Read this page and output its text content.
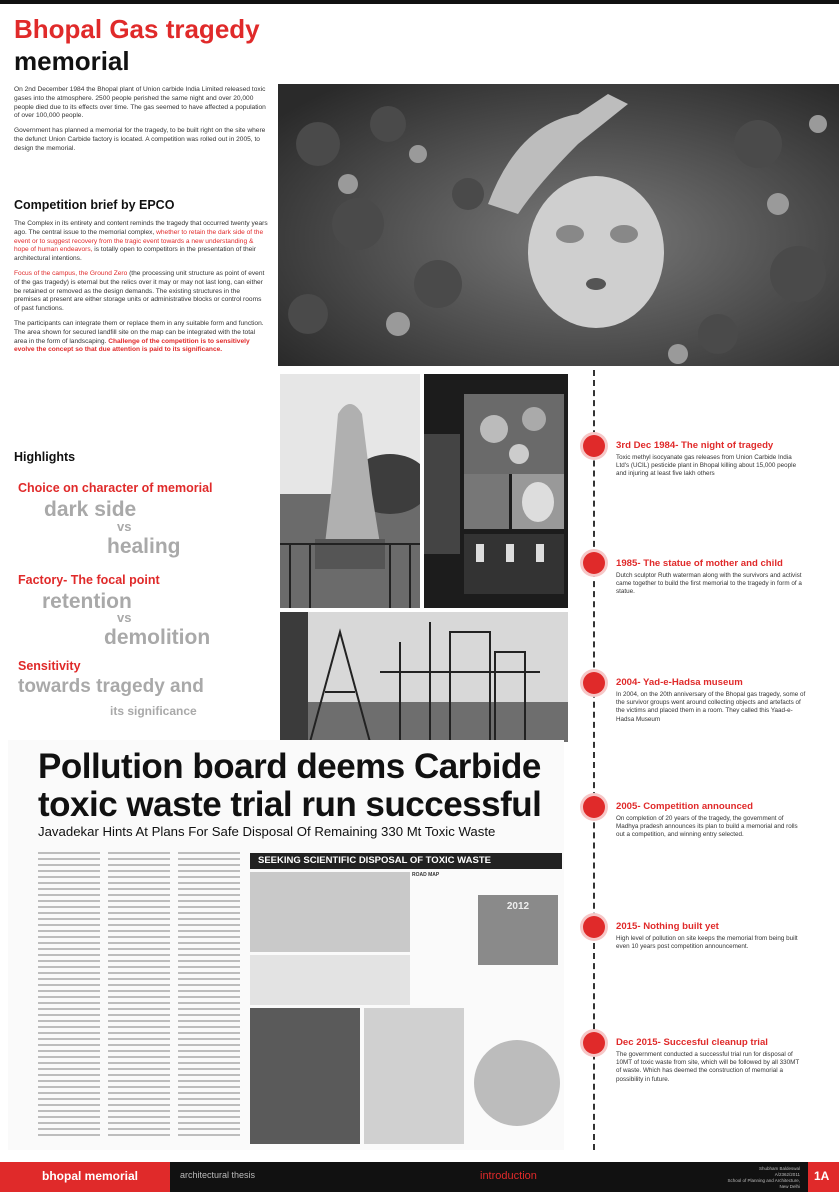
Bhopal Gas tragedy
memorial

On 2nd December 1984 the Bhopal plant of Union carbide India Limited released toxic gases into the atmosphere. 2500 people perished the same night and over 20,000 people died due to its effects over time. The gas seemed to have affected a population of over 100,000 people.

Government has planned a memorial for the tragedy, to be built right on the site where the defunct Union Carbide factory is located. A competition was rolled out in 2005, to design the memorial.

Competition brief by EPCO

The Complex in its entirety and content reminds the tragedy that occurred twenty years ago. The central issue to the memorial complex, whether to retain the dark side of the event or to suggest recovery from the tragic event towards a new understanding & hope of human endeavors, is totally open to competitors in the presentation of their architectural intentions.

Focus of the campus, the Ground Zero (the processing unit structure as point of event of the gas tragedy) is eternal but the relics over it may or may not last long, can either be retained or removed as the design demands. The existing structures in the premises at present are either storage units or administrative blocks or control rooms of past functions.

The participants can integrate them or replace them in any suitable form and function. The area shown for secured landfill site on the map can be integrated with the total area in the form of landscaping. Challenge of the competition is to sensitively evolve the concept so that due attention is paid to its significance.

Highlights
Choice on character of memorial
dark side
vs
healing
Factory- The focal point
retention
vs
demolition
Sensitivity
towards tragedy and
its significance
3rd Dec 1984- The night of tragedy
Toxic methyl isocyanate gas releases from Union Carbide India Ltd's (UCIL) pesticide plant in Bhopal killing about 15,000 people and injuring at least five lakh others
1985- The statue of mother and child
Dutch sculptor Ruth waterman along with the survivors and activist came together to build the first memorial to the tragedy in form of a statue.
2004- Yad-e-Hadsa museum
In 2004, on the 20th anniversary of the Bhopal gas tragedy, some of the survivor groups went around collecting objects and artefacts of the victims and placed them in a room. They called this Yaad-e-Hadsa Museum
2005- Competition announced
On completion of 20 years of the tragedy, the government of Madhya pradesh announces its plan to build a memorial and rolls out a competition, and winning entry selected.
2015- Nothing built yet
High level of pollution on site keeps the memorial from being built even 10 years post competition announcement.
Dec 2015- Succesful cleanup trial
The government conducted a successful trial run for disposal of 10MT of toxic waste from site, which will be followed by all 330MT of waste. Which has deemed the construction of memorial a possibility in future.
Pollution board deems Carbide toxic waste trial run successful
Javadekar Hints At Plans For Safe Disposal Of Remaining 330 Mt Toxic Waste
SEEKING SCIENTIFIC DISPOSAL OF TOXIC WASTE
ROAD MAP
2012
bhopal memorial	architectural thesis	introduction
Shubham Baldeswal
A/2362/2011
School of Planning and Architecture, New Delhi
1A
